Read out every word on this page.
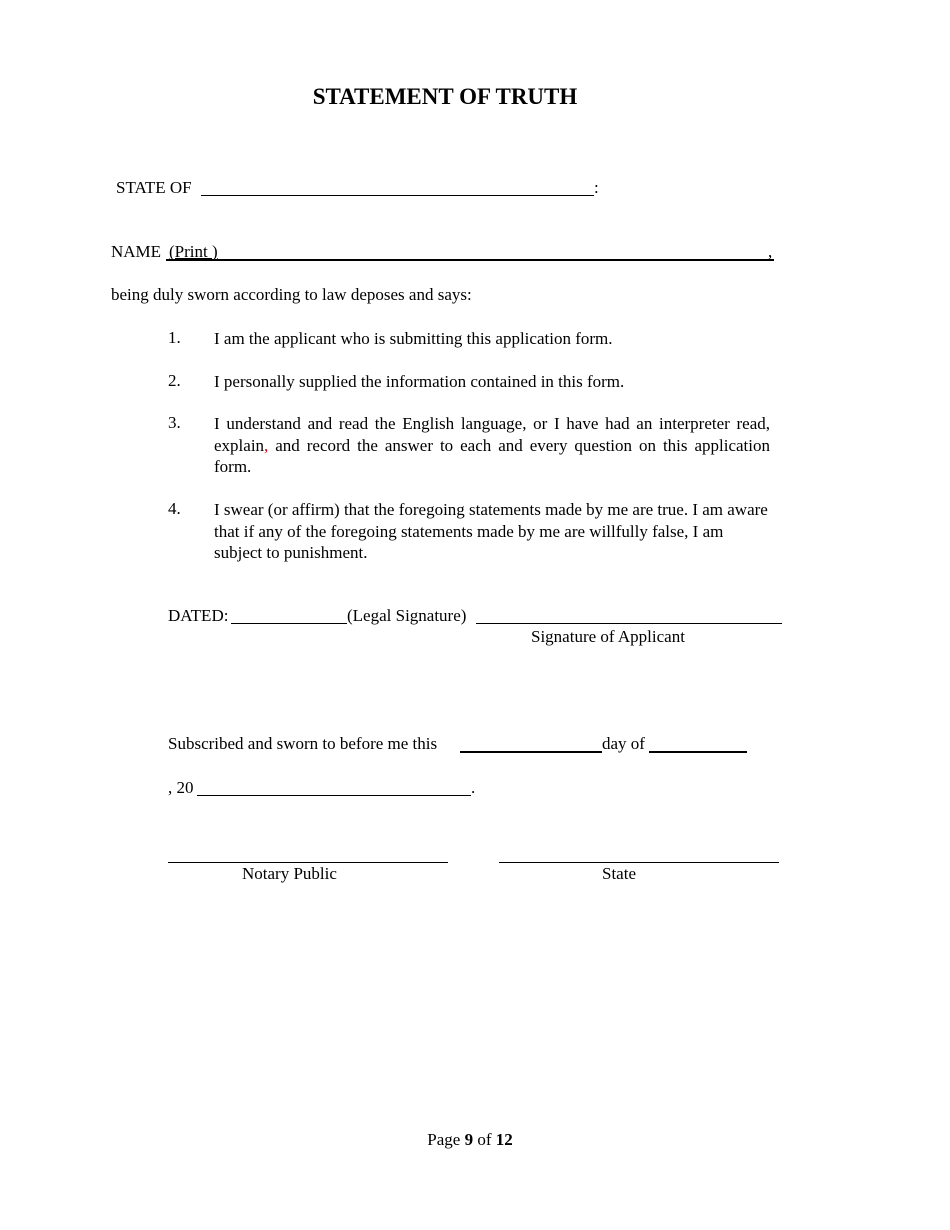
STATEMENT OF TRUTH
STATE OF	:
NAME (Print )	,
being duly sworn according to law deposes and says:
1. I am the applicant who is submitting this application form.
2. I personally supplied the information contained in this form.
3. I understand and read the English language, or I have had an interpreter read, explain, and record the answer to each and every question on this application form.
4. I swear (or affirm) that the foregoing statements made by me are true. I am aware that if any of the foregoing statements made by me are willfully false, I am subject to punishment.
DATED:	(Legal Signature)
Signature of Applicant
Subscribed and sworn to before me this	day of
, 20	.
Notary Public	State
Page 9 of 12
